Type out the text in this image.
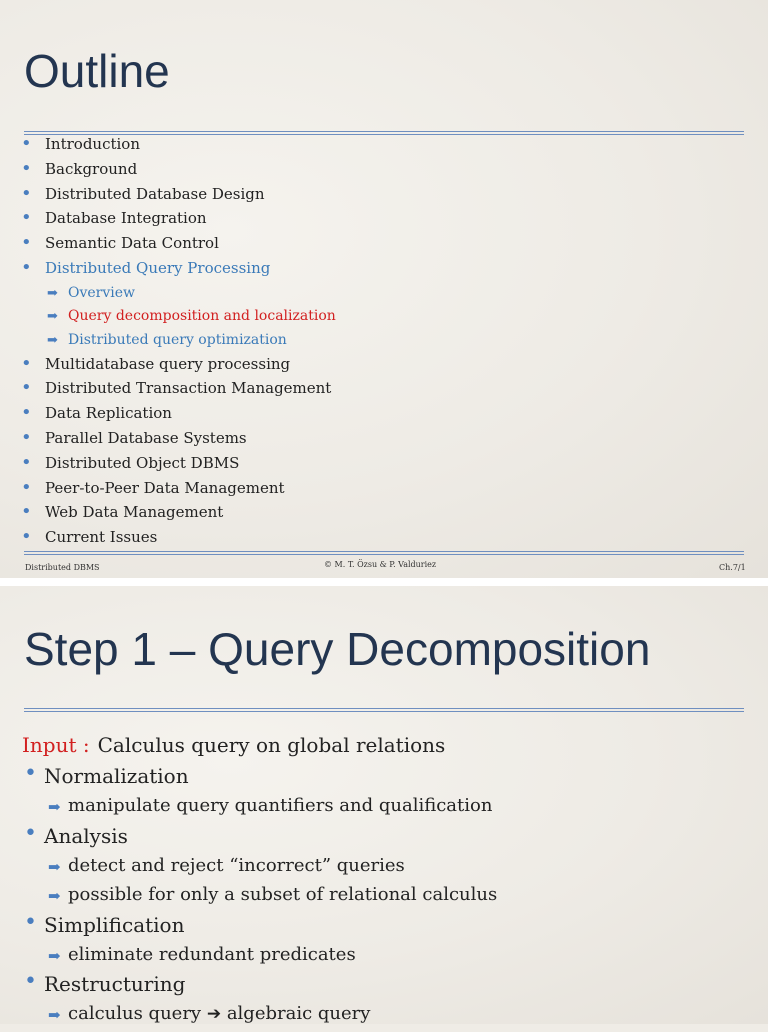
Outline
• Introduction
• Background
• Distributed Database Design
• Database Integration
• Semantic Data Control
• Distributed Query Processing
➡ Overview
➡ Query decomposition and localization
➡ Distributed query optimization
• Multidatabase query processing
• Distributed Transaction Management
• Data Replication
• Parallel Database Systems
• Distributed Object DBMS
• Peer-to-Peer Data Management
• Web Data Management
• Current Issues
Distributed DBMS	© M. T. Özsu & P. Valduriez	Ch.7/1
Step 1 – Query Decomposition
Input : Calculus query on global relations
• Normalization
➡ manipulate query quantifiers and qualification
• Analysis
➡ detect and reject “incorrect” queries
➡ possible for only a subset of relational calculus
• Simplification
➡ eliminate redundant predicates
• Restructuring
➡ calculus query ➔ algebraic query
